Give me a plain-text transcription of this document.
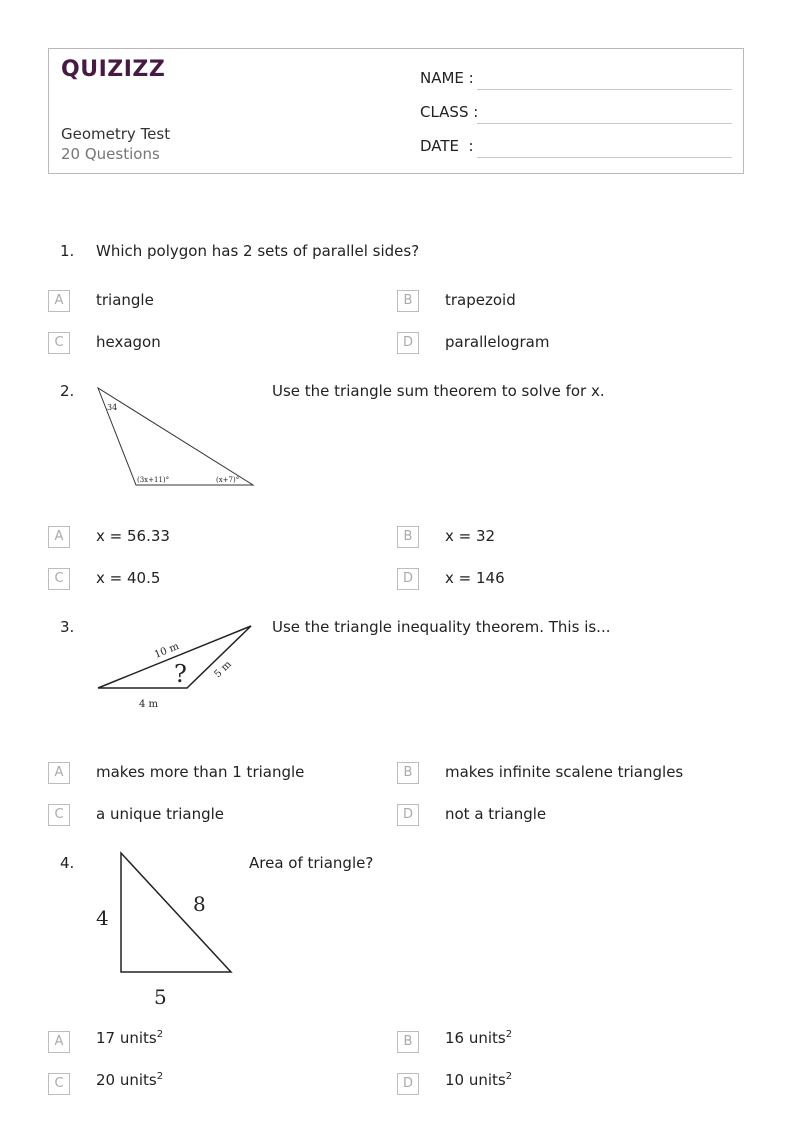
QUIZIZZ
Geometry Test
20 Questions
NAME :
CLASS :
DATE  :
1. Which polygon has 2 sets of parallel sides?
A	triangle	B	trapezoid
C	hexagon	D	parallelogram
2.
34
(3x+11)°	(x+7)°
Use the triangle sum theorem to solve for x.
A	x = 56.33	B	x = 32
C	x = 40.5	D	x = 146
3.
10 m
5 m
4 m
?
Use the triangle inequality theorem. This is...
A	makes more than 1 triangle	B	makes infinite scalene triangles
C	a unique triangle	D	not a triangle
4.
4
8
5
Area of triangle?
A	17 units$^2$	B	16 units$^2$
C	20 units$^2$	D	10 units$^2$
